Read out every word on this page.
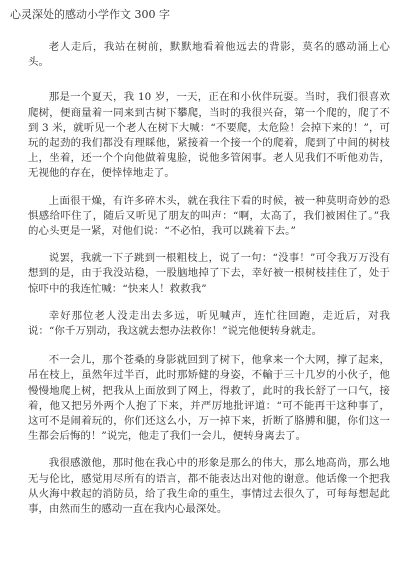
心灵深处的感动小学作文 300 字

老人走后，我站在树前，默默地看着他远去的背影，莫名的感动涌上心头。

那是一个夏天，我 10 岁，一天，正在和小伙伴玩耍。当时，我们很喜欢爬树，便商量着一同来到古树下攀爬，当时的我很兴奋，第一个爬的，爬了不到 3 米，就听见一个老人在树下大喊：“不要爬，太危险！会掉下来的！”，可玩的起劲的我们都没有理睬他，紧接着一个接一个的爬着，爬到了中间的树枝上，坐着，还一个个向他做着鬼脸，说他多管闲事。老人见我们不听他劝告，无视他的存在，便悻悻地走了。

上面很干燥，有许多碎木头，就在我往下看的时候，被一种莫明奇妙的恐惧感给吓住了，随后又听见了朋友的叫声：“啊，太高了，我们被困住了。”我的心头更是一紧，对他们说：“不必怕，我可以跳着下去。”

说罢，我就一下子跳到一根粗枝上，说了一句：“没事！”可令我万万没有想到的是，由于我没站稳，一股脑地掉了下去，幸好被一根树枝挂住了，处于惊吓中的我连忙喊：“快来人！救救我”

幸好那位老人没走出去多远，听见喊声，连忙往回跑，走近后，对我说：“你千万别动，我这就去想办法救你！”说完他便转身就走。

不一会儿，那个苍桑的身影就回到了树下，他拿来一个大网，撑了起来，吊在枝上，虽然年过半百，此时那矫健的身姿，不輸于三十几岁的小伙子，他慢慢地爬上树，把我从上面放到了网上，得救了，此时的我长舒了一口气，接着，他又把另外两个人抱了下来，并严厉地批评道：“可不能再干这种事了，这可不是闹着玩的，你们还这么小，万一掉下来，折断了胳膊和腿，你们这一生都会后悔的！”说完，他走了我们一会儿，便转身离去了。

我很感激他，那时他在我心中的形象是那么的伟大，那么地高尚，那么地无与伦比，感觉用尽所有的语言，都不能表达出对他的谢意。他话像一个把我从火海中救起的消防员，给了我生命的重生，事情过去很久了，可每每想起此事，由然而生的感动一直在我内心最深处。
